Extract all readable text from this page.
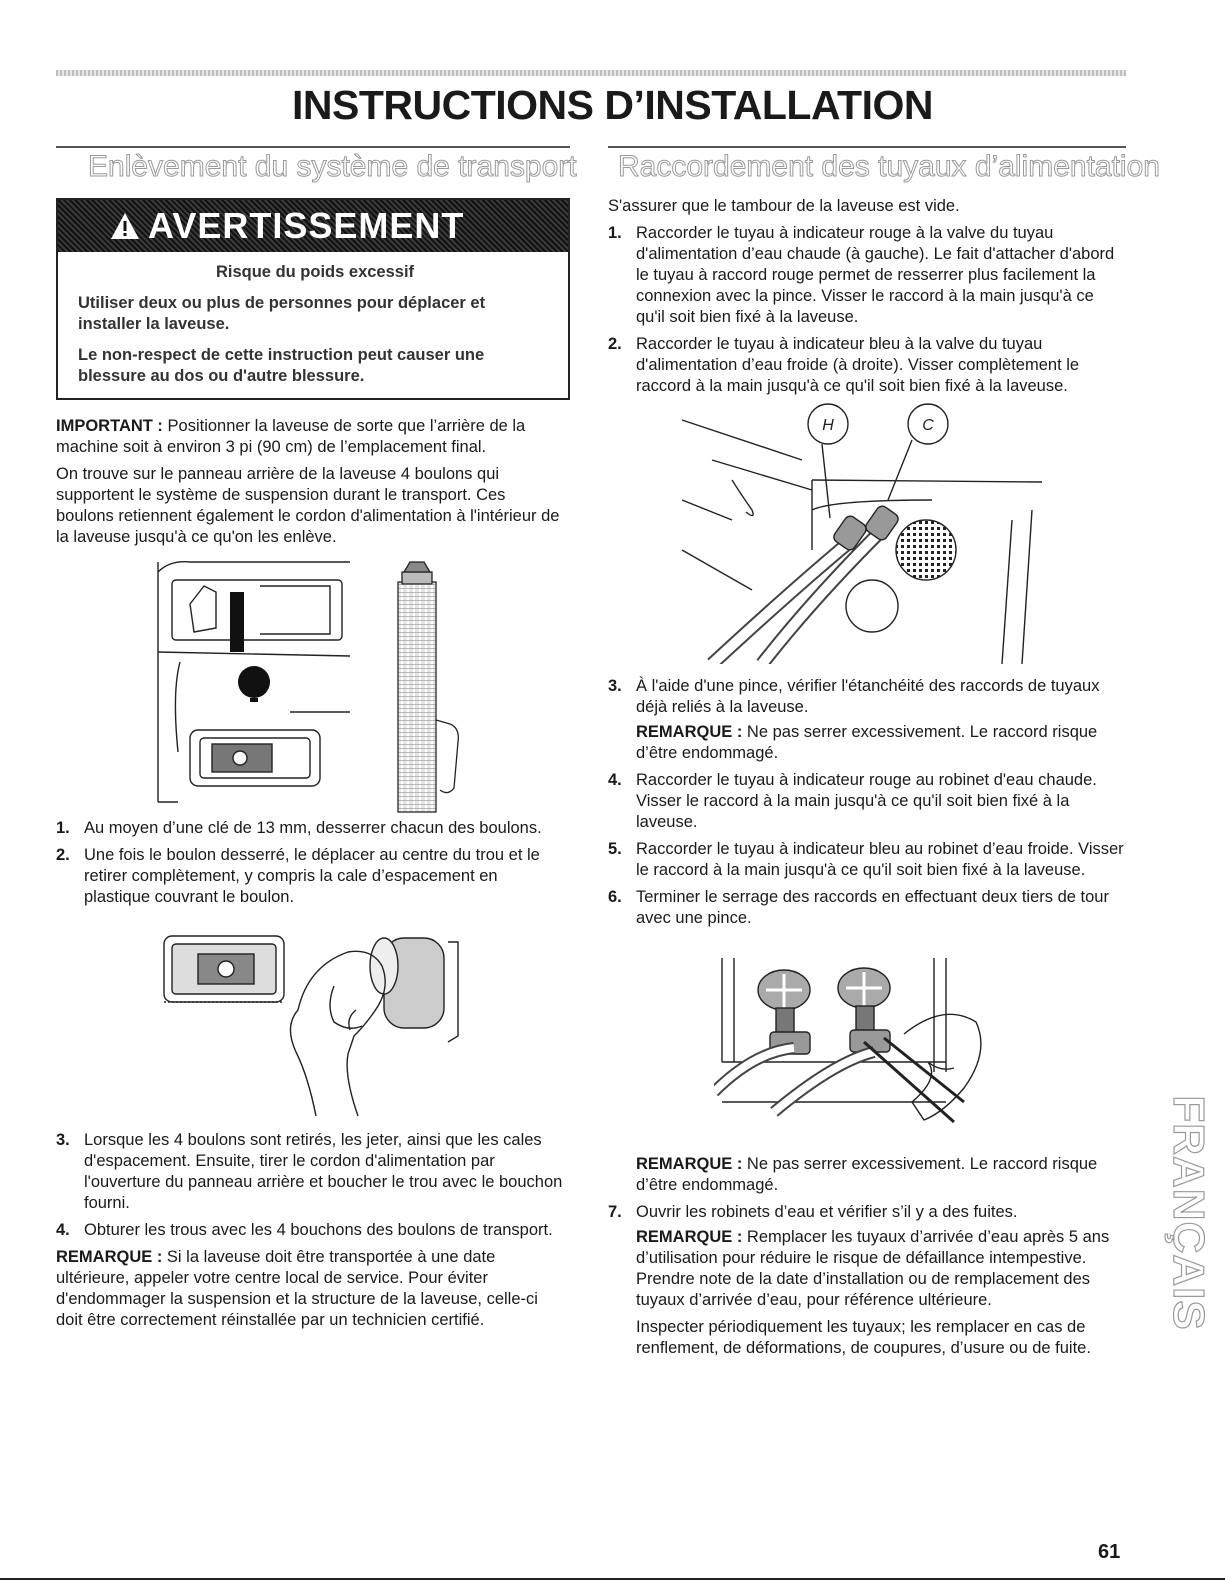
INSTRUCTIONS D’INSTALLATION
Enlèvement du système de transport Raccordement des tuyaux d’alimentation
AVERTISSEMENT

Risque du poids excessif

Utiliser deux ou plus de personnes pour déplacer et installer la laveuse.

Le non-respect de cette instruction peut causer une blessure au dos ou d'autre blessure.

IMPORTANT : Positionner la laveuse de sorte que l’arrière de la machine soit à environ 3 pi (90 cm) de l’emplacement final.

On trouve sur le panneau arrière de la laveuse 4 boulons qui supportent le système de suspension durant le transport. Ces boulons retiennent également le cordon d'alimentation à l'intérieur de la laveuse jusqu'à ce qu'on les enlève.

1. Au moyen d’une clé de 13 mm, desserrer chacun des boulons.
2. Une fois le boulon desserré, le déplacer au centre du trou et le retirer complètement, y compris la cale d’espacement en plastique couvrant le boulon.
3. Lorsque les 4 boulons sont retirés, les jeter, ainsi que les cales d'espacement. Ensuite, tirer le cordon d'alimentation par l'ouverture du panneau arrière et boucher le trou avec le bouchon fourni.
4. Obturer les trous avec les 4 bouchons des boulons de transport.

REMARQUE : Si la laveuse doit être transportée à une date ultérieure, appeler votre centre local de service. Pour éviter d'endommager la suspension et la structure de la laveuse, celle-ci doit être correctement réinstallée par un technicien certifié.

S'assurer que le tambour de la laveuse est vide.

1. Raccorder le tuyau à indicateur rouge à la valve du tuyau d'alimentation d’eau chaude (à gauche). Le fait d'attacher d'abord le tuyau à raccord rouge permet de resserrer plus facilement la connexion avec la pince. Visser le raccord à la main jusqu'à ce qu'il soit bien fixé à la laveuse.
2. Raccorder le tuyau à indicateur bleu à la valve du tuyau d'alimentation d’eau froide (à droite). Visser complètement le raccord à la main jusqu'à ce qu'il soit bien fixé à la laveuse.
H	C
3. À l'aide d'une pince, vérifier l'étanchéité des raccords de tuyaux déjà reliés à la laveuse.
REMARQUE : Ne pas serrer excessivement. Le raccord risque d’être endommagé.
4. Raccorder le tuyau à indicateur rouge au robinet d'eau chaude. Visser le raccord à la main jusqu'à ce qu'il soit bien fixé à la laveuse.
5. Raccorder le tuyau à indicateur bleu au robinet d’eau froide. Visser le raccord à la main jusqu'à ce qu'il soit bien fixé à la laveuse.
6. Terminer le serrage des raccords en effectuant deux tiers de tour avec une pince.

REMARQUE : Ne pas serrer excessivement. Le raccord risque d’être endommagé.

7. Ouvrir les robinets d’eau et vérifier s’il y a des fuites.
REMARQUE : Remplacer les tuyaux d’arrivée d’eau après 5 ans d’utilisation pour réduire le risque de défaillance intempestive. Prendre note de la date d’installation ou de remplacement des tuyaux d’arrivée d’eau, pour référence ultérieure.

Inspecter périodiquement les tuyaux; les remplacer en cas de renflement, de déformations, de coupures, d’usure ou de fuite.

FRANÇAIS
61
